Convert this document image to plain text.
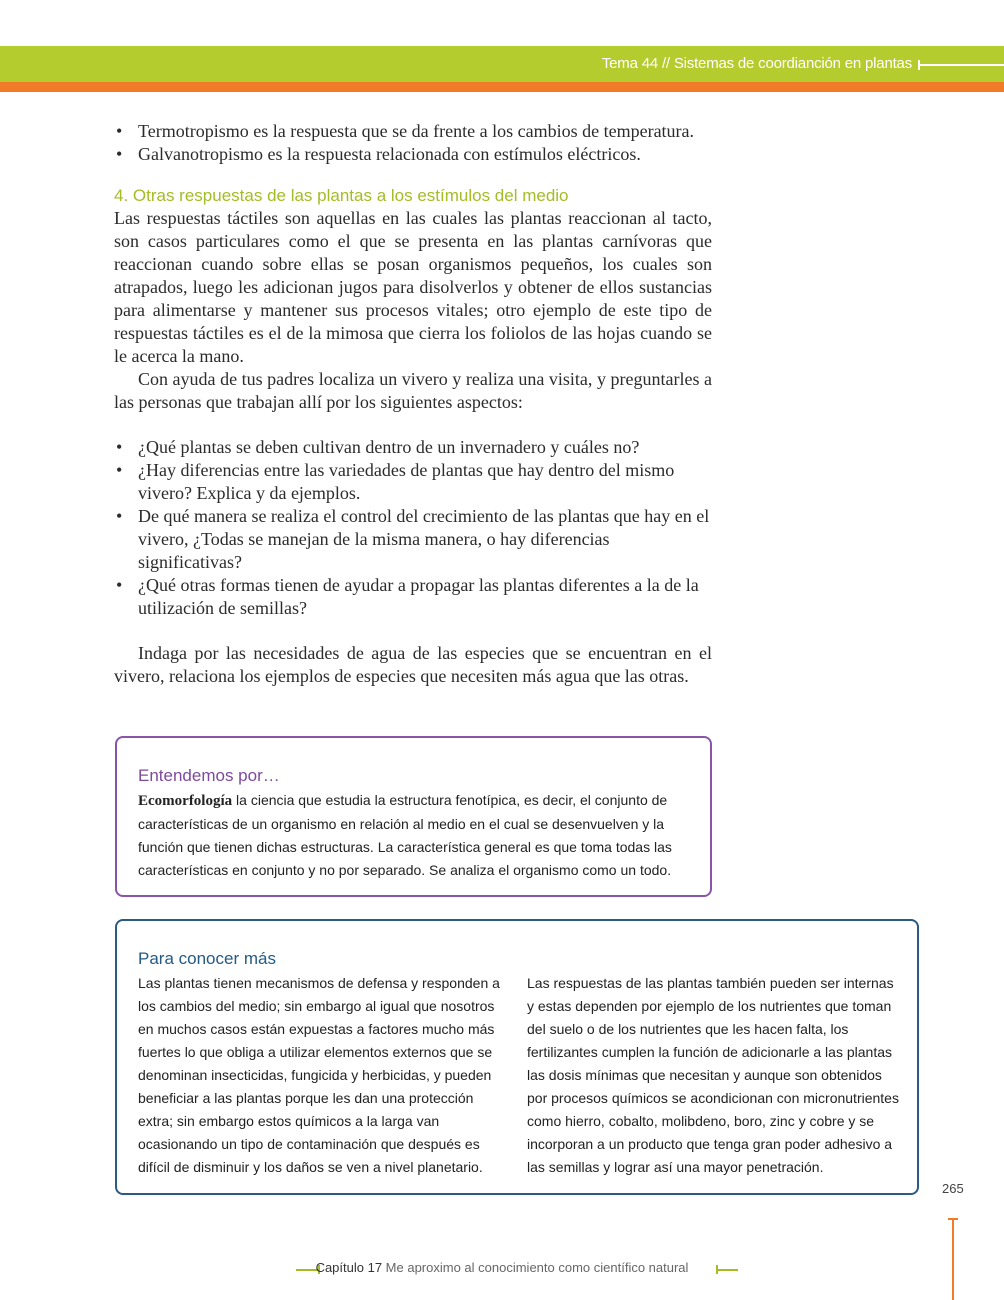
Tema 44 // Sistemas de coordianción en plantas
• Termotropismo es la respuesta que se da frente a los cambios de temperatura.
• Galvanotropismo es la respuesta relacionada con estímulos eléctricos.
4. Otras respuestas de las plantas a los estímulos del medio

Las respuestas táctiles son aquellas en las cuales las plantas reaccionan al tacto, son casos particulares como el que se presenta en las plantas carnívoras que reaccionan cuando sobre ellas se posan organismos pequeños, los cuales son atrapados, luego les adicionan jugos para disolverlos y obtener de ellos sustancias para alimentarse y mantener sus procesos vitales; otro ejemplo de este tipo de respuestas táctiles es el de la mimosa que cierra los foliolos de las hojas cuando se le acerca la mano.

Con ayuda de tus padres localiza un vivero y realiza una visita, y preguntarles a las personas que trabajan allí por los siguientes aspectos:

• ¿Qué plantas se deben cultivan dentro de un invernadero y cuáles no?
• ¿Hay diferencias entre las variedades de plantas que hay dentro del mismo vivero? Explica y da ejemplos.
• De qué manera se realiza el control del crecimiento de las plantas que hay en el vivero, ¿Todas se manejan de la misma manera, o hay diferencias significativas?
• ¿Qué otras formas tienen de ayudar a propagar las plantas diferentes a la de la utilización de semillas?

Indaga por las necesidades de agua de las especies que se encuentran en el vivero, relaciona los ejemplos de especies que necesiten más agua que las otras.

Entendemos por…
Ecomorfología la ciencia que estudia la estructura fenotípica, es decir, el conjunto de características de un organismo en relación al medio en el cual se desenvuelven y la función que tienen dichas estructuras. La característica general es que toma todas las características en conjunto y no por separado. Se analiza el organismo como un todo.
Para conocer más
Las plantas tienen mecanismos de defensa y responden a los cambios del medio; sin embargo al igual que nosotros en muchos casos están expuestas a factores mucho más fuertes lo que obliga a utilizar elementos externos que se denominan insecticidas, fungicida y herbicidas, y pueden beneficiar a las plantas porque les dan una protección extra; sin embargo estos químicos a la larga van ocasionando un tipo de contaminación que después es difícil de disminuir y los daños se ven a nivel planetario.
Las respuestas de las plantas también pueden ser internas y estas dependen por ejemplo de los nutrientes que toman del suelo o de los nutrientes que les hacen falta, los fertilizantes cumplen la función de adicionarle a las plantas las dosis mínimas que necesitan y aunque son obtenidos por procesos químicos se acondicionan con micronutrientes como hierro, cobalto, molibdeno, boro, zinc y cobre y se incorporan a un producto que tenga gran poder adhesivo a las semillas y lograr así una mayor penetración.
265
Capítulo 17 Me aproximo al conocimiento como científico natural
